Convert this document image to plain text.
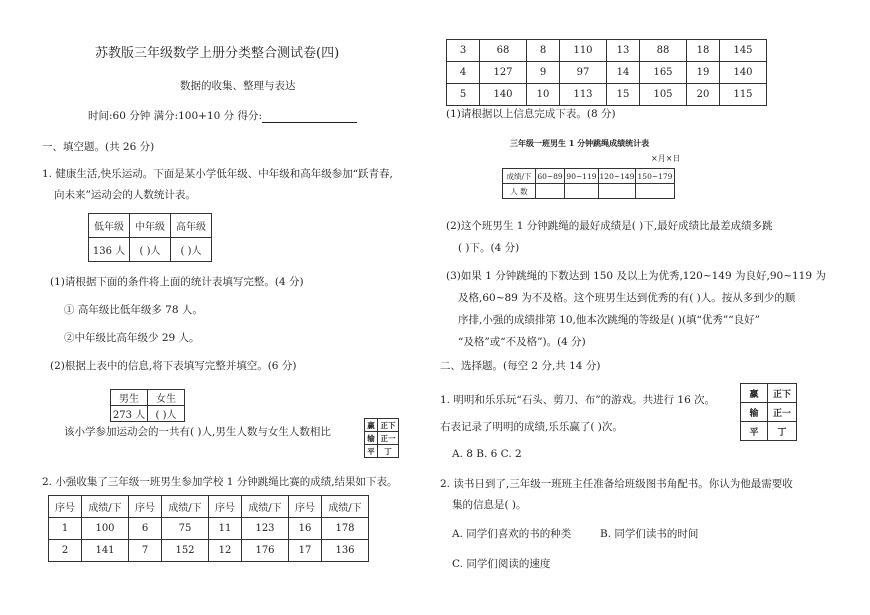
苏教版三年级数学上册分类整合测试卷(四)
数据的收集、整理与表达
时间:60 分钟 满分:100+10 分 得分:
一、填空题。(共 26 分)
1. 健康生活,快乐运动。下面是某小学低年级、中年级和高年级参加“跃青春,
向未来”运动会的人数统计表。
低年级	中年级	高年级
136 人	( )人	( )人
(1)请根据下面的条件将上面的统计表填写完整。(4 分)
① 高年级比低年级多 78 人。
②中年级比高年级少 29 人。
(2)根据上表中的信息,将下表填写完整并填空。(6 分)
男生	女生
273 人	( )人
该小学参加运动会的一共有( )人,男生人数与女生人数相比
赢	正下
输	正一
平	丁
2. 小强收集了三年级一班男生参加学校 1 分钟跳绳比赛的成绩,结果如下表。
序号	成绩/下	序号	成绩/下	序号	成绩/下	序号	成绩/下
1	100	6	75	11	123	16	178
2	141	7	152	12	176	17	136
3	68	8	110	13	88	18	145
4	127	9	97	14	165	19	140
5	140	10	113	15	105	20	115
(1)请根据以上信息完成下表。(8 分)
三年级一班男生 1 分钟跳绳成绩统计表
×月×日
成绩/下	60~89	90~119	120~149	150~179
人 数				
(2)这个班男生 1 分钟跳绳的最好成绩是( )下,最好成绩比最差成绩多跳
( )下。(4 分)
(3)如果 1 分钟跳绳的下数达到 150 及以上为优秀,120~149 为良好,90~119 为
及格,60~89 为不及格。这个班男生达到优秀的有( )人。按从多到少的顺
序排,小强的成绩排第 10,他本次跳绳的等级是( )(填“优秀”“良好”
“及格”或“不及格”)。(4 分)
二、选择题。(每空 2 分,共 14 分)
1. 明明和乐乐玩“石头、剪刀、布”的游戏。共进行 16 次。
右表记录了明明的成绩,乐乐赢了( )次。
A. 8 B. 6 C. 2
赢	正下
输	正一
平	丁
2. 读书日到了,三年级一班班主任准备给班级图书角配书。你认为他最需要收
集的信息是( )。
A. 同学们喜欢的书的种类	B. 同学们读书的时间
C. 同学们阅读的速度
